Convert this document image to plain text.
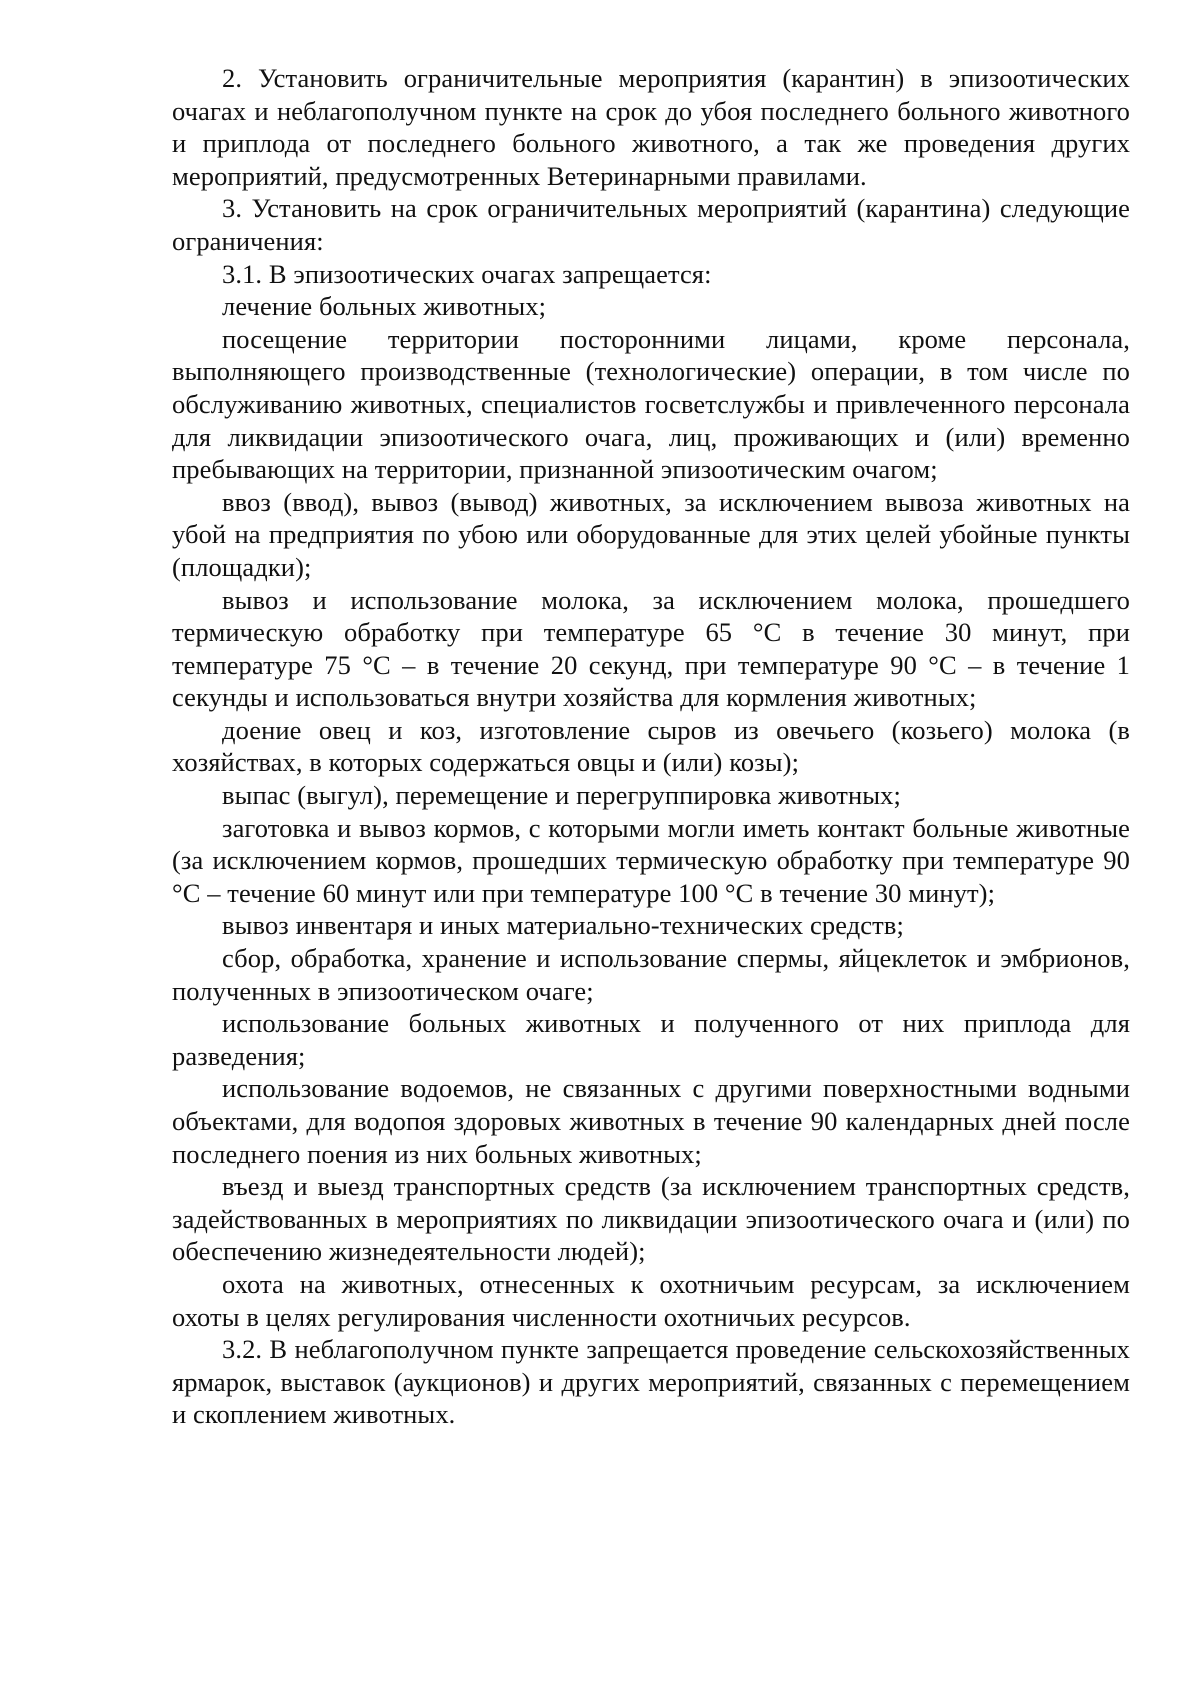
2. Установить ограничительные мероприятия (карантин) в эпизоотических очагах и неблагополучном пункте на срок до убоя последнего больного животного и приплода от последнего больного животного, а так же проведения других мероприятий, предусмотренных Ветеринарными правилами.

3. Установить на срок ограничительных мероприятий (карантина) следующие ограничения:

3.1. В эпизоотических очагах запрещается:

лечение больных животных;

посещение территории посторонними лицами, кроме персонала, выполняющего производственные (технологические) операции, в том числе по обслуживанию животных, специалистов госветслужбы и привлеченного персонала для ликвидации эпизоотического очага, лиц, проживающих и (или) временно пребывающих на территории, признанной эпизоотическим очагом;

ввоз (ввод), вывоз (вывод) животных, за исключением вывоза животных на убой на предприятия по убою или оборудованные для этих целей убойные пункты (площадки);

вывоз и использование молока, за исключением молока, прошедшего термическую обработку при температуре 65 °С в течение 30 минут, при температуре 75 °С – в течение 20 секунд, при температуре 90 °С – в течение 1 секунды и использоваться внутри хозяйства для кормления животных;

доение овец и коз, изготовление сыров из овечьего (козьего) молока (в хозяйствах, в которых содержаться овцы и (или) козы);

выпас (выгул), перемещение и перегруппировка животных;

заготовка и вывоз кормов, с которыми могли иметь контакт больные животные (за исключением кормов, прошедших термическую обработку при температуре 90 °С – течение 60 минут или при температуре 100 °С в течение 30 минут);

вывоз инвентаря и иных материально-технических средств;

сбор, обработка, хранение и использование спермы, яйцеклеток и эмбрионов, полученных в эпизоотическом очаге;

использование больных животных и полученного от них приплода для разведения;

использование водоемов, не связанных с другими поверхностными водными объектами, для водопоя здоровых животных в течение 90 календарных дней после последнего поения из них больных животных;

въезд и выезд транспортных средств (за исключением транспортных средств, задействованных в мероприятиях по ликвидации эпизоотического очага и (или) по обеспечению жизнедеятельности людей);

охота на животных, отнесенных к охотничьим ресурсам, за исключением охоты в целях регулирования численности охотничьих ресурсов.

3.2. В неблагополучном пункте запрещается проведение сельскохозяйственных ярмарок, выставок (аукционов) и других мероприятий, связанных с перемещением и скоплением животных.
